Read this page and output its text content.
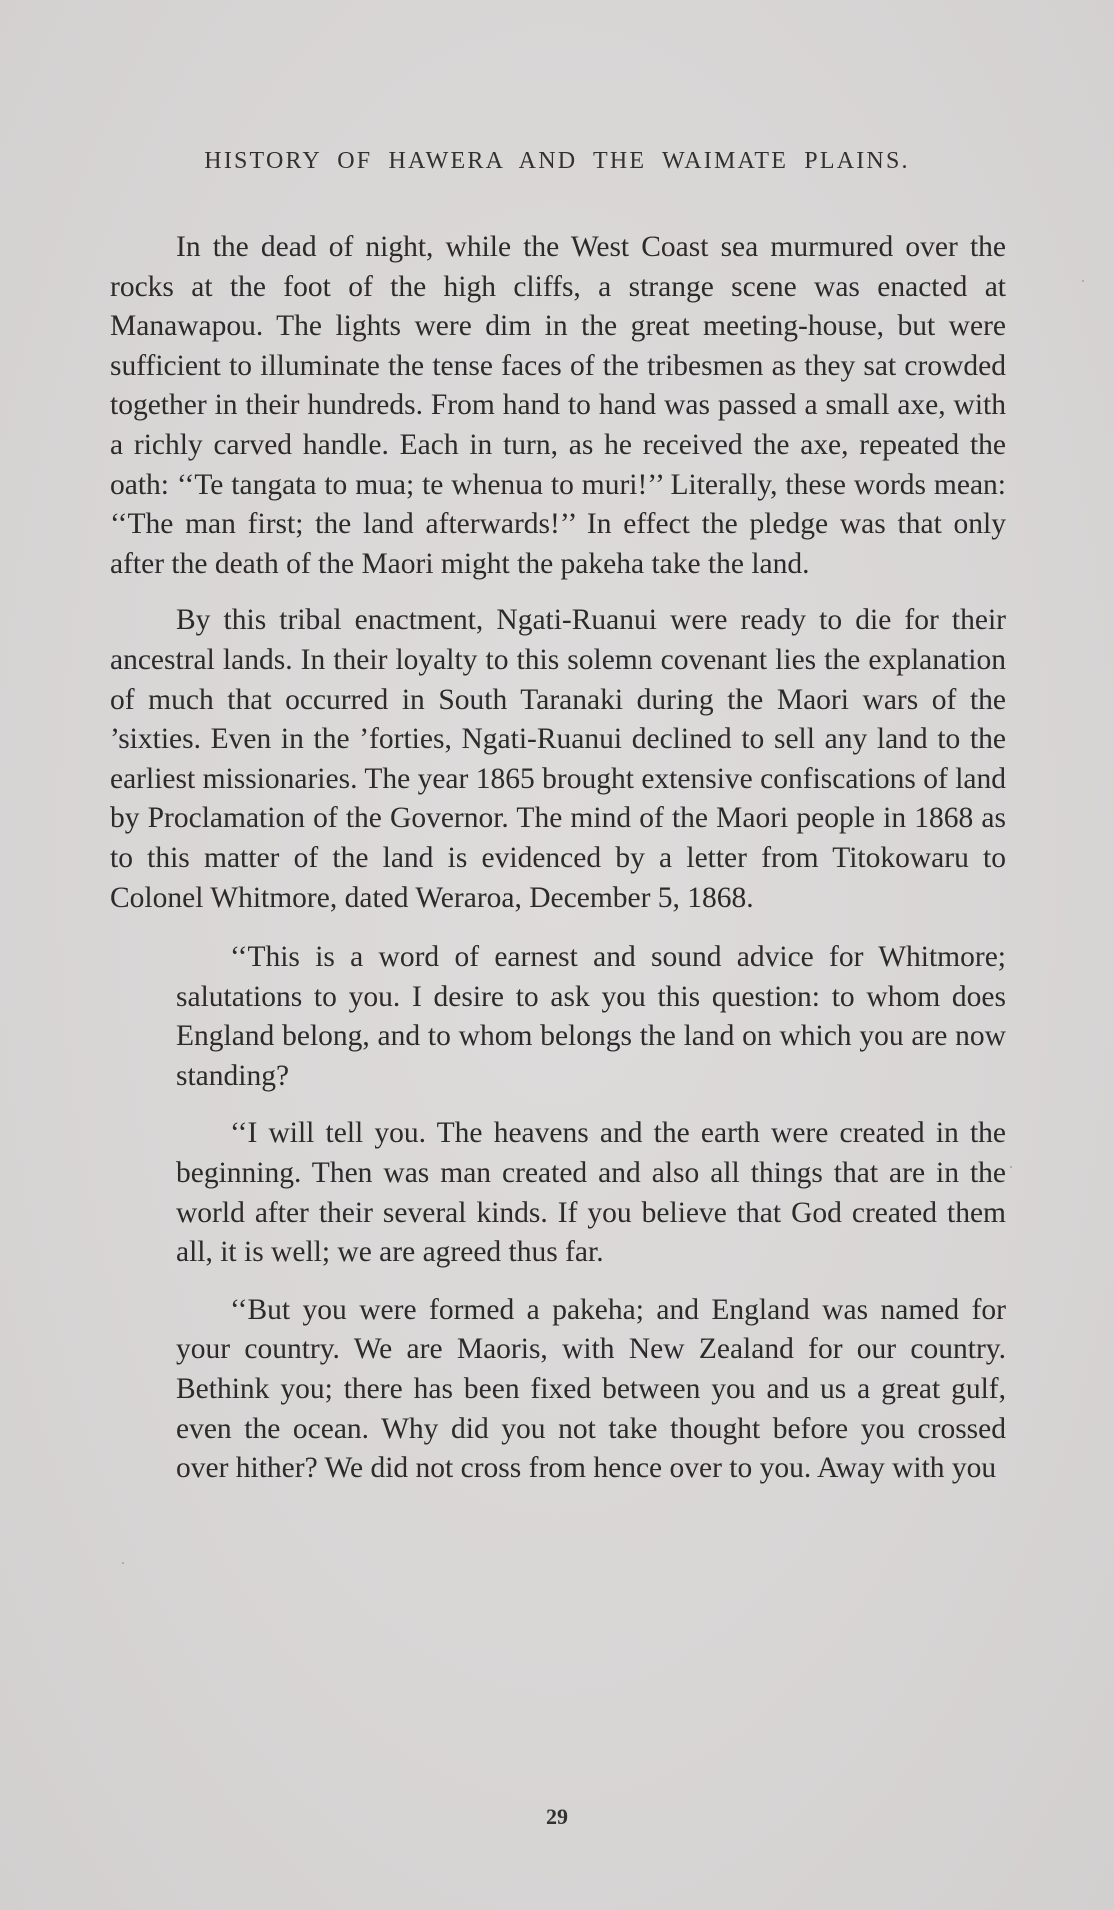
HISTORY OF HAWERA AND THE WAIMATE PLAINS.

In the dead of night, while the West Coast sea murmured over the rocks at the foot of the high cliffs, a strange scene was enacted at Manawapou. The lights were dim in the great meeting-house, but were sufficient to illuminate the tense faces of the tribesmen as they sat crowded together in their hundreds. From hand to hand was passed a small axe, with a richly carved handle. Each in turn, as he received the axe, repeated the oath: ‘‘Te tangata to mua; te whenua to muri!’’ Literally, these words mean: ‘‘The man first; the land afterwards!’’ In effect the pledge was that only after the death of the Maori might the pakeha take the land.

By this tribal enactment, Ngati-Ruanui were ready to die for their ancestral lands. In their loyalty to this solemn covenant lies the explanation of much that occurred in South Taranaki during the Maori wars of the ’sixties. Even in the ’forties, Ngati-Ruanui declined to sell any land to the earliest missionaries. The year 1865 brought extensive confiscations of land by Proclamation of the Governor. The mind of the Maori people in 1868 as to this matter of the land is evidenced by a letter from Titokowaru to Colonel Whitmore, dated Weraroa, December 5, 1868.

‘‘This is a word of earnest and sound advice for Whitmore; salutations to you. I desire to ask you this question: to whom does England belong, and to whom belongs the land on which you are now standing?

‘‘I will tell you. The heavens and the earth were created in the beginning. Then was man created and also all things that are in the world after their several kinds. If you believe that God created them all, it is well; we are agreed thus far.

‘‘But you were formed a pakeha; and England was named for your country. We are Maoris, with New Zealand for our country. Bethink you; there has been fixed between you and us a great gulf, even the ocean. Why did you not take thought before you crossed over hither? We did not cross from hence over to you. Away with you

29
